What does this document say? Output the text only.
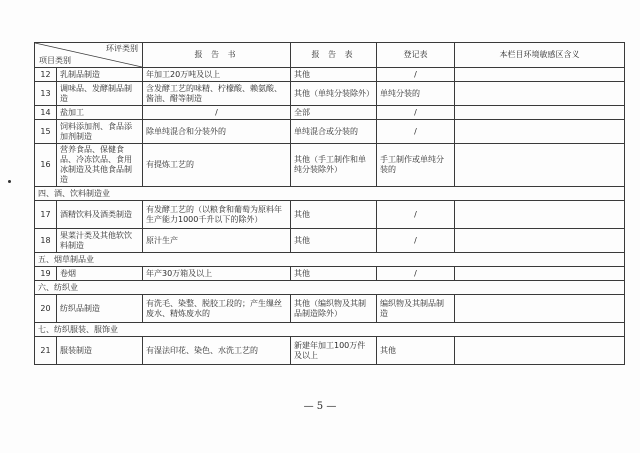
环评类别
项目类别		报 告 书	报 告 表	登记表	本栏目环境敏感区含义
12	乳制品制造	年加工20万吨及以上	其他	/	
13	调味品、发酵制品制造	含发酵工艺的味精、柠檬酸、赖氨酸、酱油、醋等制造	其他（单纯分装除外）	单纯分装的	
14	盐加工	/	全部	/	
15	饲料添加剂、食品添加剂制造	除单纯混合和分装外的	单纯混合或分装的	/	
16	营养食品、保健食品、冷冻饮品、食用冰制造及其他食品制造	有提炼工艺的	其他（手工制作和单纯分装除外）	手工制作或单纯分装的	
四、酒、饮料制造业					
17	酒精饮料及酒类制造	有发酵工艺的（以粮食和葡萄为原料年生产能力1000千升以下的除外）	其他	/	
18	果菜汁类及其他软饮料制造	原汁生产	其他	/	
五、烟草制品业					
19	卷烟	年产30万箱及以上	其他	/	
六、纺织业					
20	纺织品制造	有洗毛、染整、脱胶工段的；产生缫丝废水、精炼废水的	其他（编织物及其制品制造除外）	编织物及其制品制造	
七、纺织服装、服饰业					
21	服装制造	有湿法印花、染色、水洗工艺的	新建年加工100万件及以上	其他	
— 5 —
